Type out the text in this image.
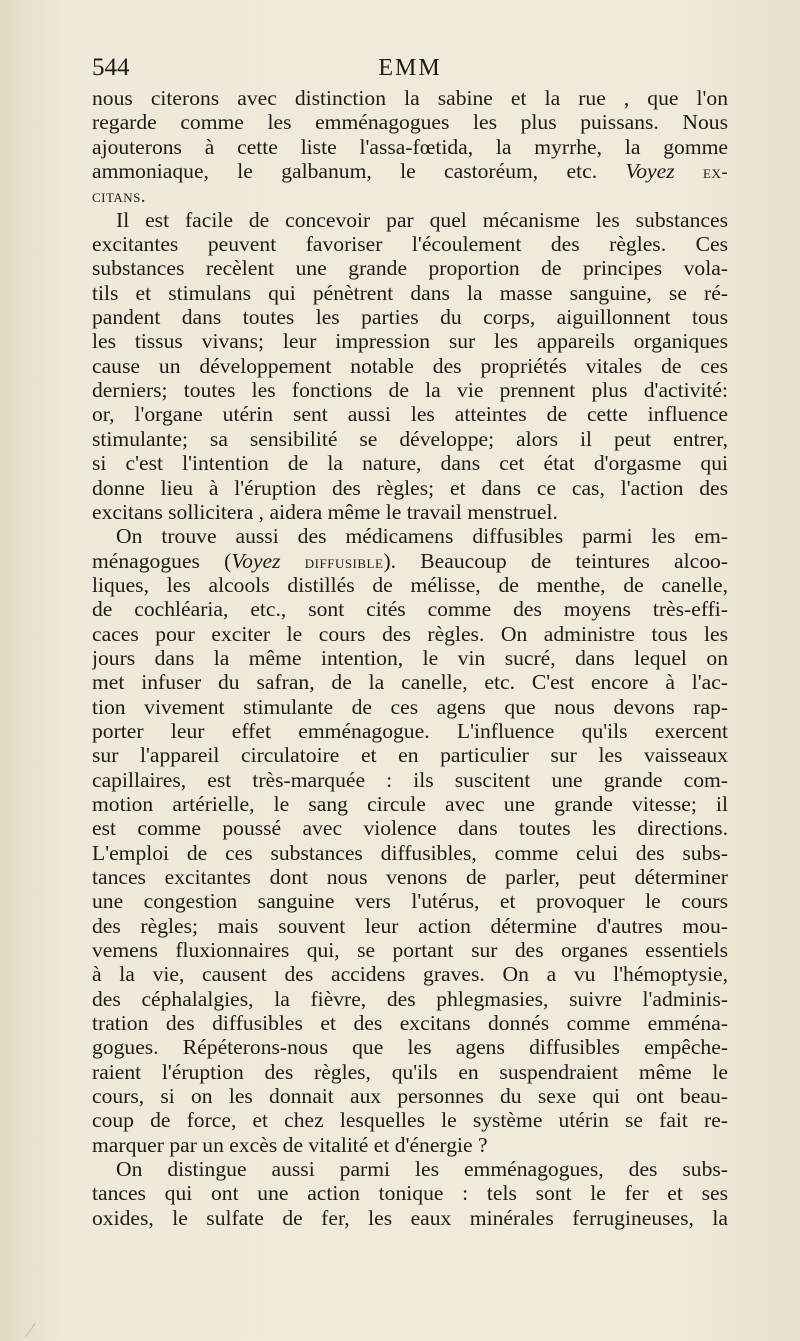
544	EMM
nous citerons avec distinction la sabine et la rue , que l'on
regarde comme les emménagogues les plus puissans. Nous
ajouterons à cette liste l'assa-fœtida, la myrrhe, la gomme
ammoniaque, le galbanum, le castoréum, etc. Voyez ex-
citans.
Il est facile de concevoir par quel mécanisme les substances
excitantes peuvent favoriser l'écoulement des règles. Ces
substances recèlent une grande proportion de principes vola-
tils et stimulans qui pénètrent dans la masse sanguine, se ré-
pandent dans toutes les parties du corps, aiguillonnent tous
les tissus vivans; leur impression sur les appareils organiques
cause un développement notable des propriétés vitales de ces
derniers; toutes les fonctions de la vie prennent plus d'activité:
or, l'organe utérin sent aussi les atteintes de cette influence
stimulante; sa sensibilité se développe; alors il peut entrer,
si c'est l'intention de la nature, dans cet état d'orgasme qui
donne lieu à l'éruption des règles; et dans ce cas, l'action des
excitans sollicitera , aidera même le travail menstruel.
On trouve aussi des médicamens diffusibles parmi les em-
ménagogues (Voyez diffusible). Beaucoup de teintures alcoo-
liques, les alcools distillés de mélisse, de menthe, de canelle,
de cochléaria, etc., sont cités comme des moyens très-effi-
caces pour exciter le cours des règles. On administre tous les
jours dans la même intention, le vin sucré, dans lequel on
met infuser du safran, de la canelle, etc. C'est encore à l'ac-
tion vivement stimulante de ces agens que nous devons rap-
porter leur effet emménagogue. L'influence qu'ils exercent
sur l'appareil circulatoire et en particulier sur les vaisseaux
capillaires, est très-marquée : ils suscitent une grande com-
motion artérielle, le sang circule avec une grande vitesse; il
est comme poussé avec violence dans toutes les directions.
L'emploi de ces substances diffusibles, comme celui des subs-
tances excitantes dont nous venons de parler, peut déterminer
une congestion sanguine vers l'utérus, et provoquer le cours
des règles; mais souvent leur action détermine d'autres mou-
vemens fluxionnaires qui, se portant sur des organes essentiels
à la vie, causent des accidens graves. On a vu l'hémoptysie,
des céphalalgies, la fièvre, des phlegmasies, suivre l'adminis-
tration des diffusibles et des excitans donnés comme emména-
gogues. Répéterons-nous que les agens diffusibles empêche-
raient l'éruption des règles, qu'ils en suspendraient même le
cours, si on les donnait aux personnes du sexe qui ont beau-
coup de force, et chez lesquelles le système utérin se fait re-
marquer par un excès de vitalité et d'énergie ?
On distingue aussi parmi les emménagogues, des subs-
tances qui ont une action tonique : tels sont le fer et ses
oxides, le sulfate de fer, les eaux minérales ferrugineuses, la
